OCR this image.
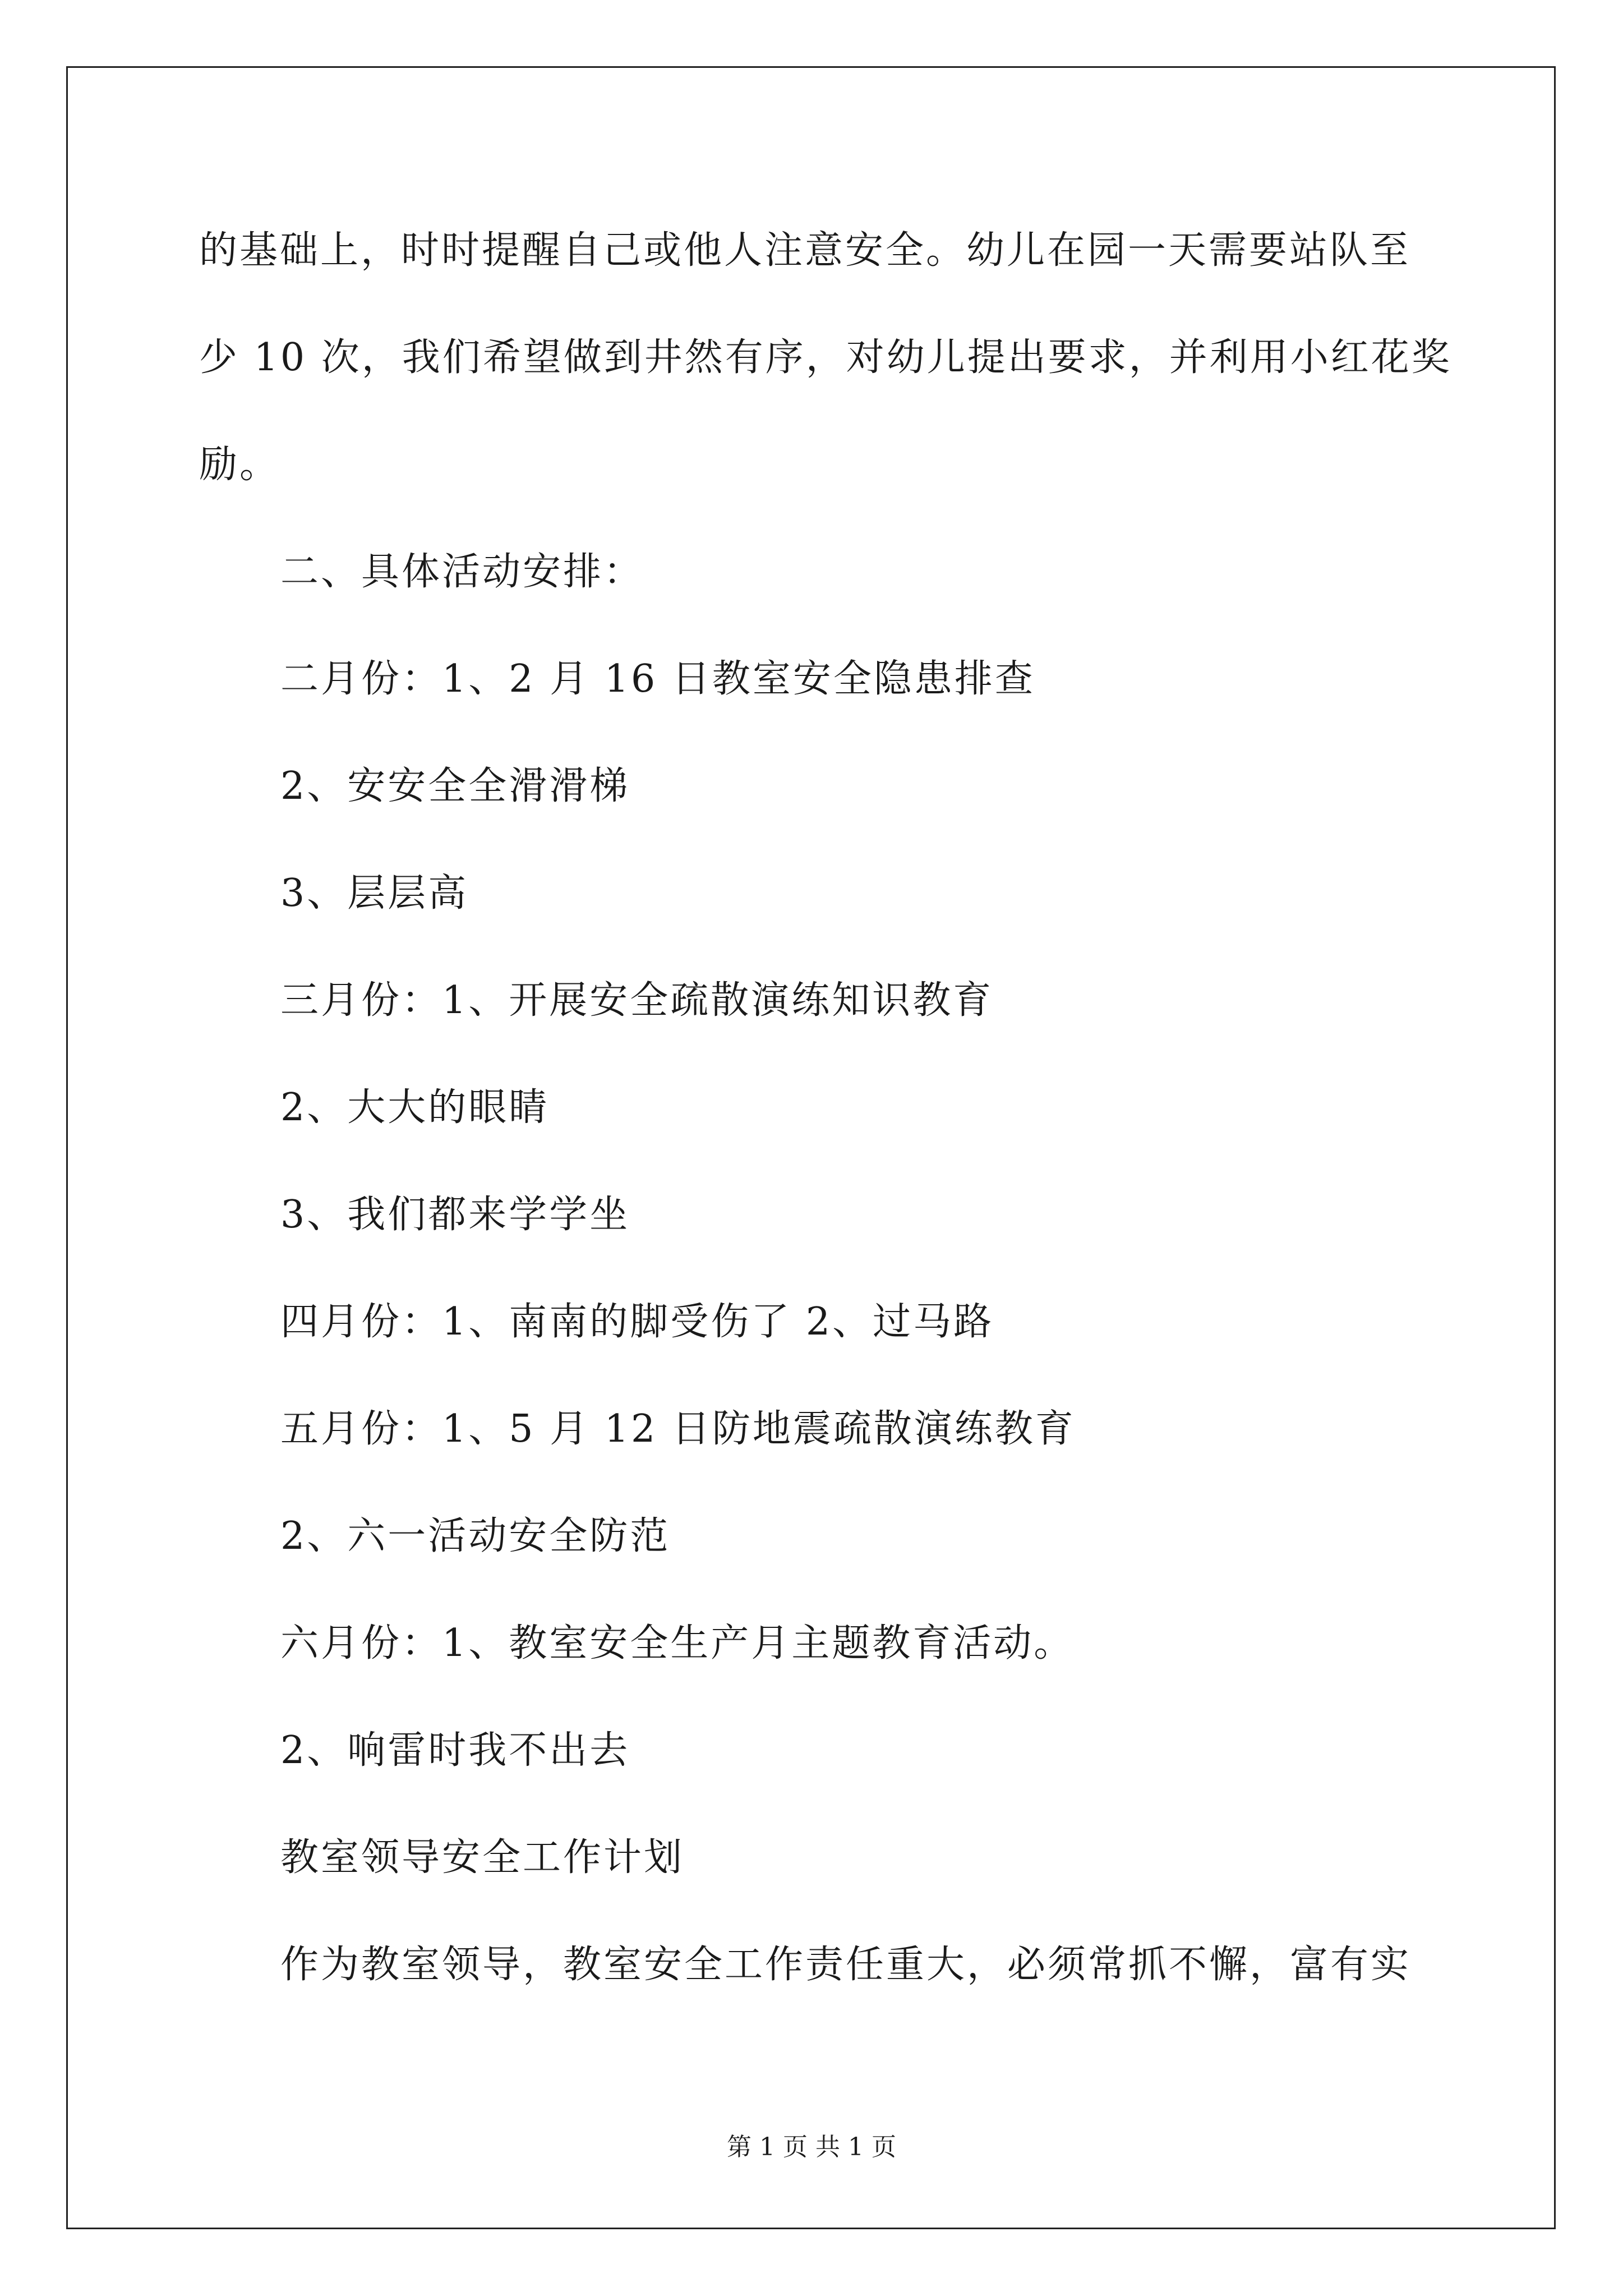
的基础上，时时提醒自己或他人注意安全。幼儿在园一天需要站队至
少 10 次，我们希望做到井然有序，对幼儿提出要求，并利用小红花奖
励。
二、具体活动安排：
二月份：1、2 月 16 日教室安全隐患排查
2、安安全全滑滑梯
3、层层高
三月份：1、开展安全疏散演练知识教育
2、大大的眼睛
3、我们都来学学坐
四月份：1、南南的脚受伤了 2、过马路
五月份：1、5 月 12 日防地震疏散演练教育
2、六一活动安全防范
六月份：1、教室安全生产月主题教育活动。
2、响雷时我不出去
教室领导安全工作计划
作为教室领导，教室安全工作责任重大，必须常抓不懈，富有实
第 1 页 共 1 页
